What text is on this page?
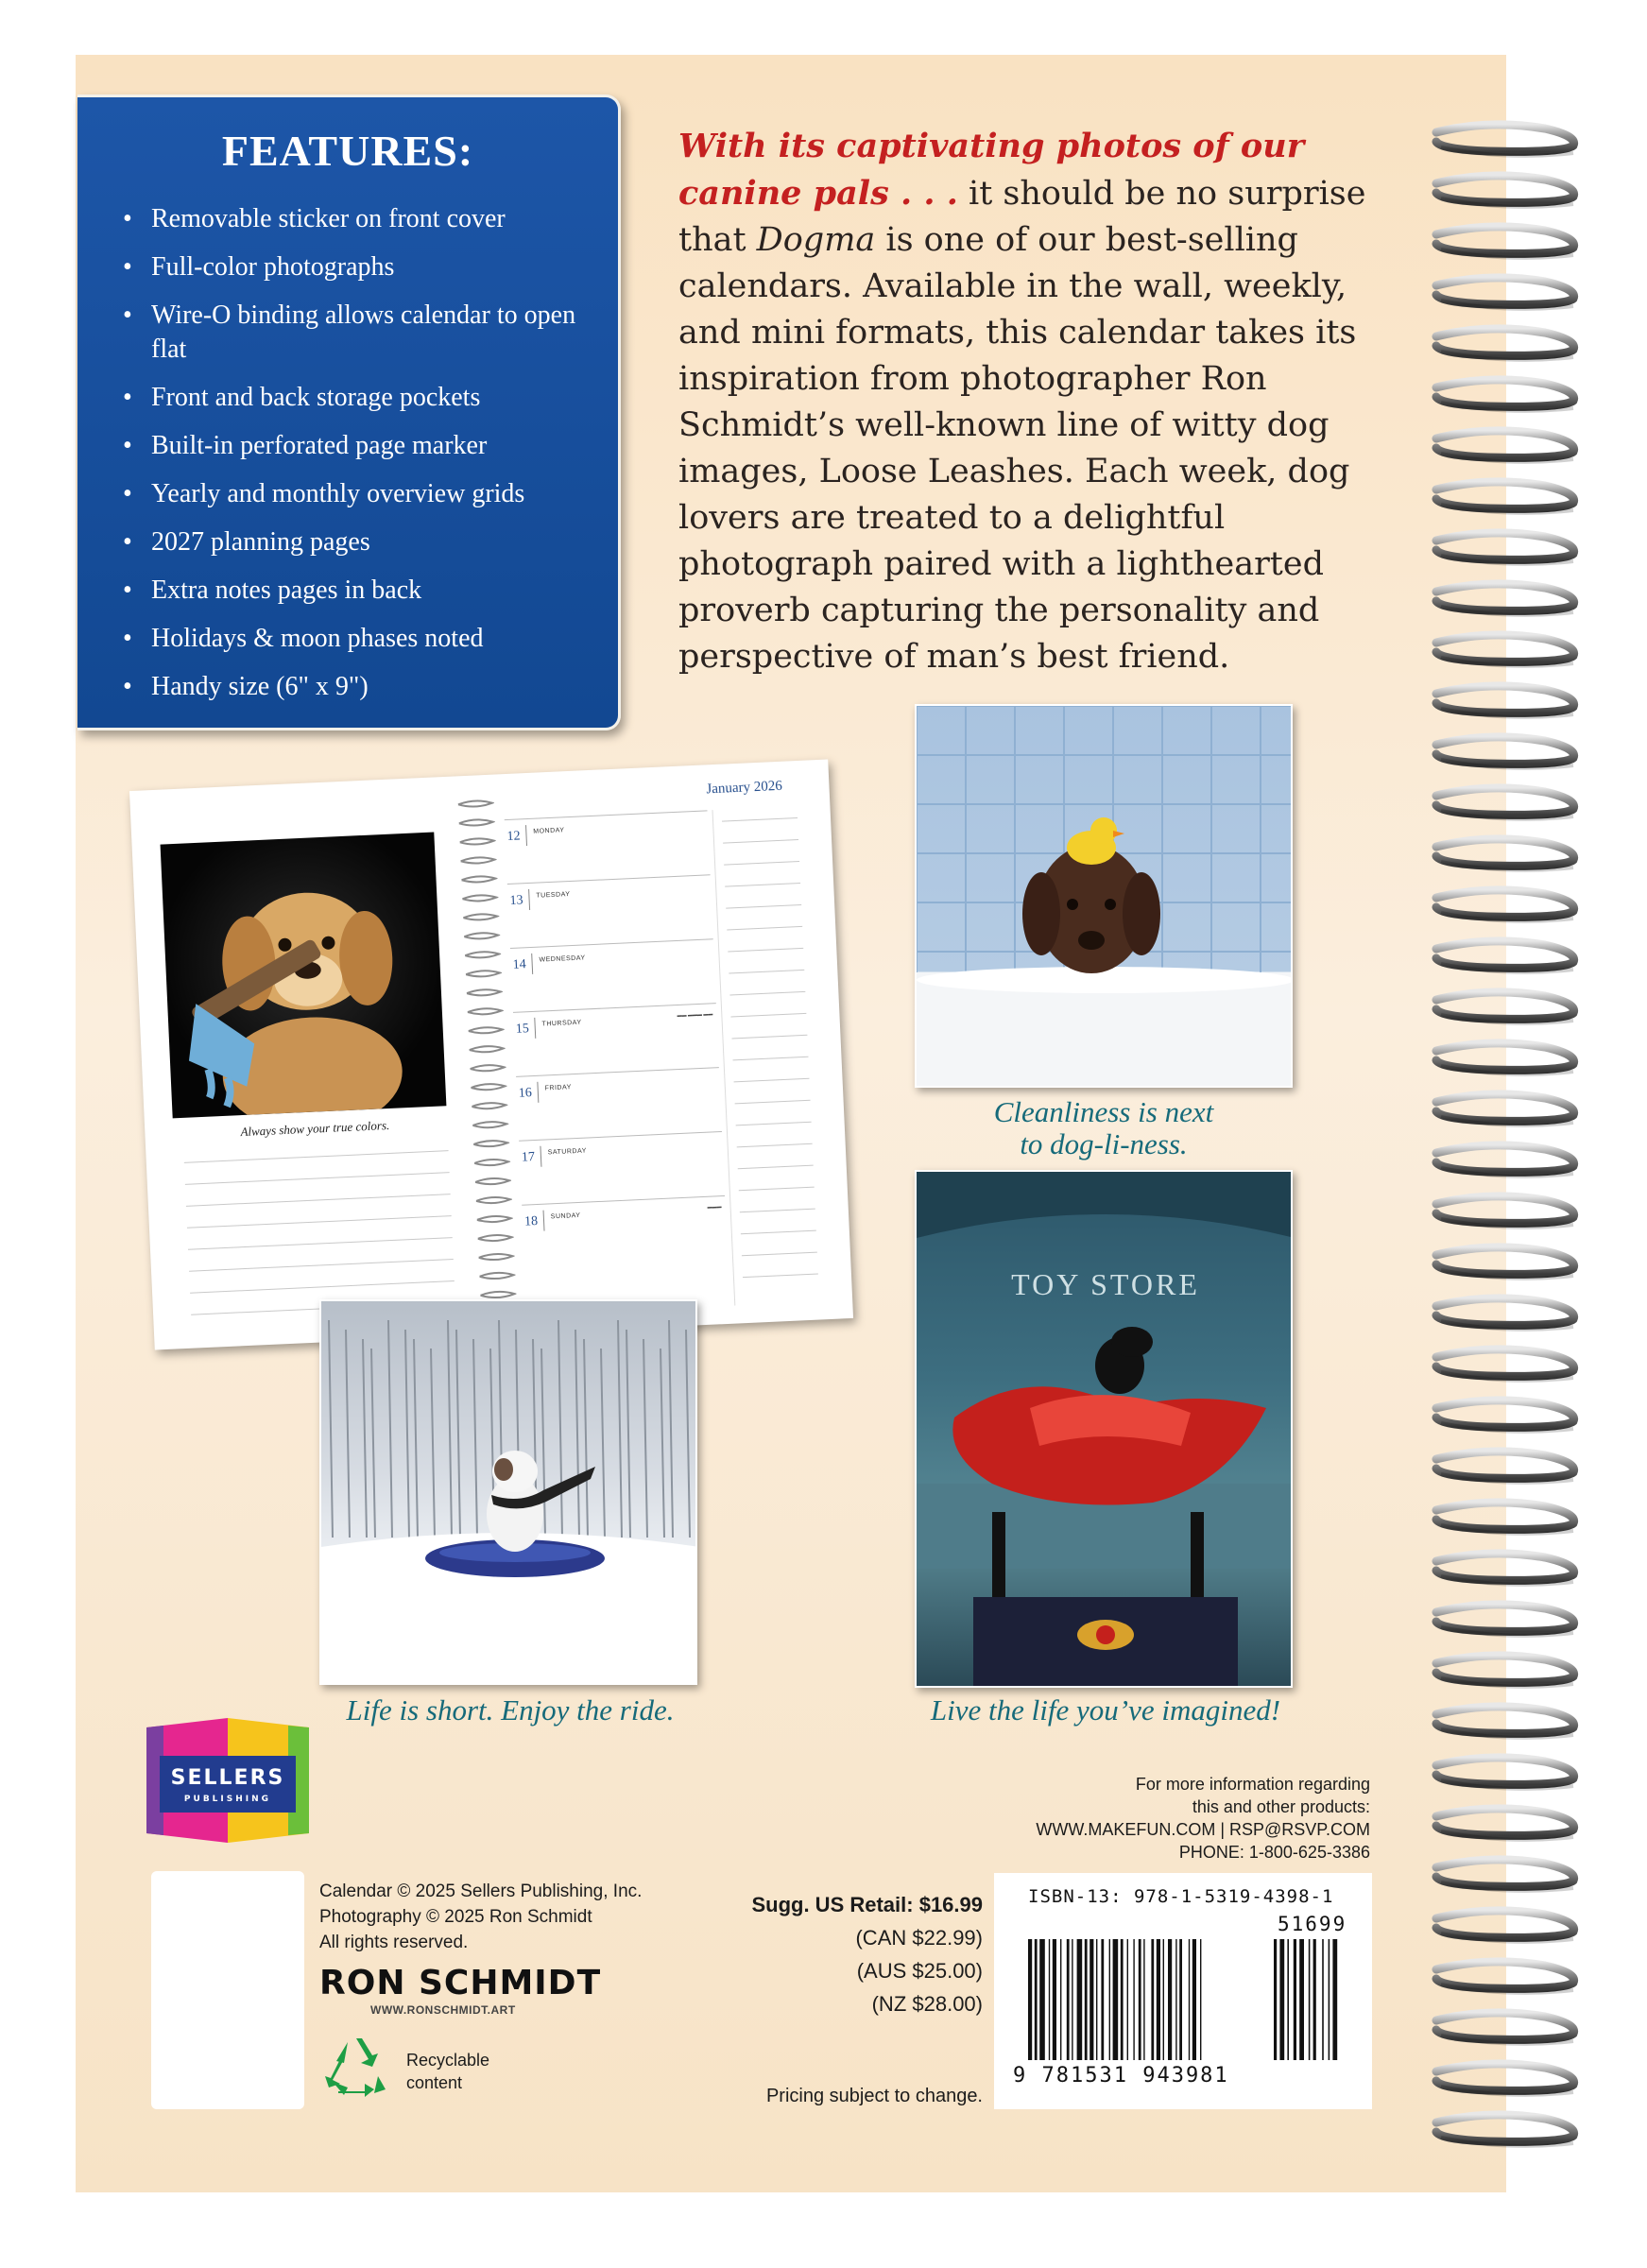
FEATURES:
• Removable sticker on front cover
• Full-color photographs
• Wire-O binding allows calendar to open flat
• Front and back storage pockets
• Built-in perforated page marker
• Yearly and monthly overview grids
• 2027 planning pages
• Extra notes pages in back
• Holidays & moon phases noted
• Handy size (6" x 9")

With its captivating photos of our canine pals . . . it should be no surprise that Dogma is one of our best-selling calendars. Available in the wall, weekly, and mini formats, this calendar takes its inspiration from photographer Ron Schmidt’s well-known line of witty dog images, Loose Leashes. Each week, dog lovers are treated to a delightful photograph paired with a lighthearted proverb capturing the personality and perspective of man’s best friend.

Always show your true colors.
January 2026
12 MONDAY
13 TUESDAY
14 WEDNESDAY
15 THURSDAY
▬▬ ▬▬▬ ▬▬
16 FRIDAY
17 SATURDAY
18 SUNDAY
▬▬▬
Cleanliness is next
to dog-li-ness.
TOY STORE
Live the life you’ve imagined!
Life is short. Enjoy the ride.
SELLERS
PUBLISHING
For more information regarding
this and other products:
WWW.MAKEFUN.COM | RSP@RSVP.COM
PHONE: 1-800-625-3386
Calendar © 2025 Sellers Publishing, Inc.
Photography © 2025 Ron Schmidt
All rights reserved.
RON SCHMIDT
WWW.RONSCHMIDT.ART
Recyclable
content
Sugg. US Retail: $16.99
(CAN $22.99)
(AUS $25.00)
(NZ $28.00)
Pricing subject to change.
ISBN-13: 978-1-5319-4398-1
51699
9 781531 943981
